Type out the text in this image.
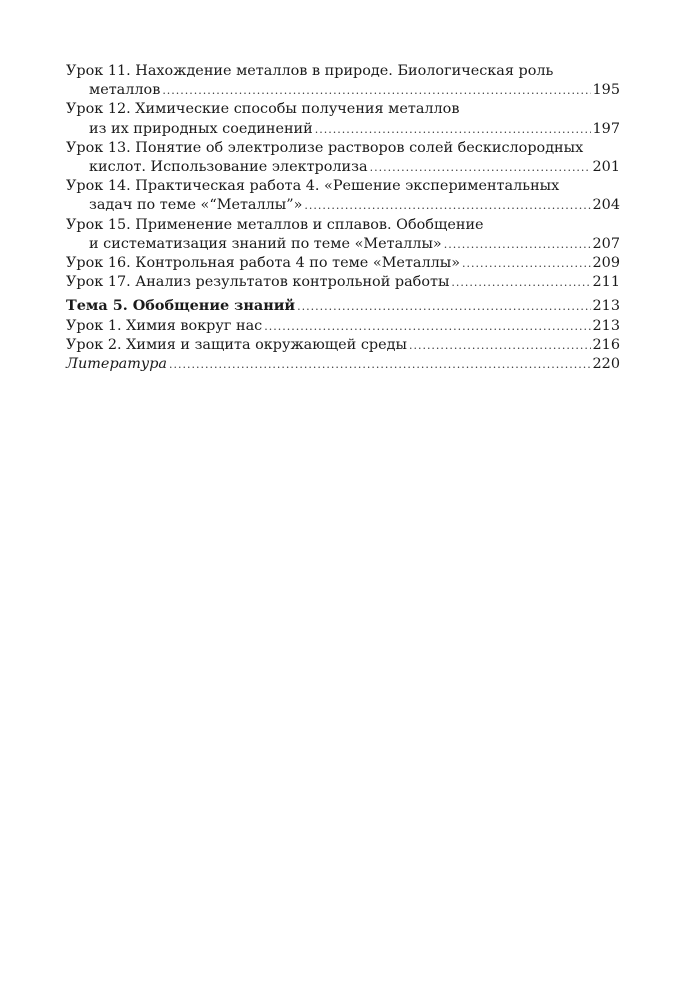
Урок 11. Нахождение металлов в природе. Биологическая роль
металлов .....	195
Урок 12. Химические способы получения металлов
из их природных соединений .....	197
Урок 13. Понятие об электролизе растворов солей бескислородных
кислот. Использование электролиза .....	201
Урок 14. Практическая работа 4. «Решение экспериментальных
задач по теме «“Металлы”» .....	204
Урок 15. Применение металлов и сплавов. Обобщение
и систематизация знаний по теме «Металлы» .....	207
Урок 16. Контрольная работа 4 по теме «Металлы» .....	209
Урок 17. Анализ результатов контрольной работы .....	211
Тема 5. Обобщение знаний .....	213
Урок 1. Химия вокруг нас .....	213
Урок 2. Химия и защита окружающей среды .....	216
Литература .....	220
